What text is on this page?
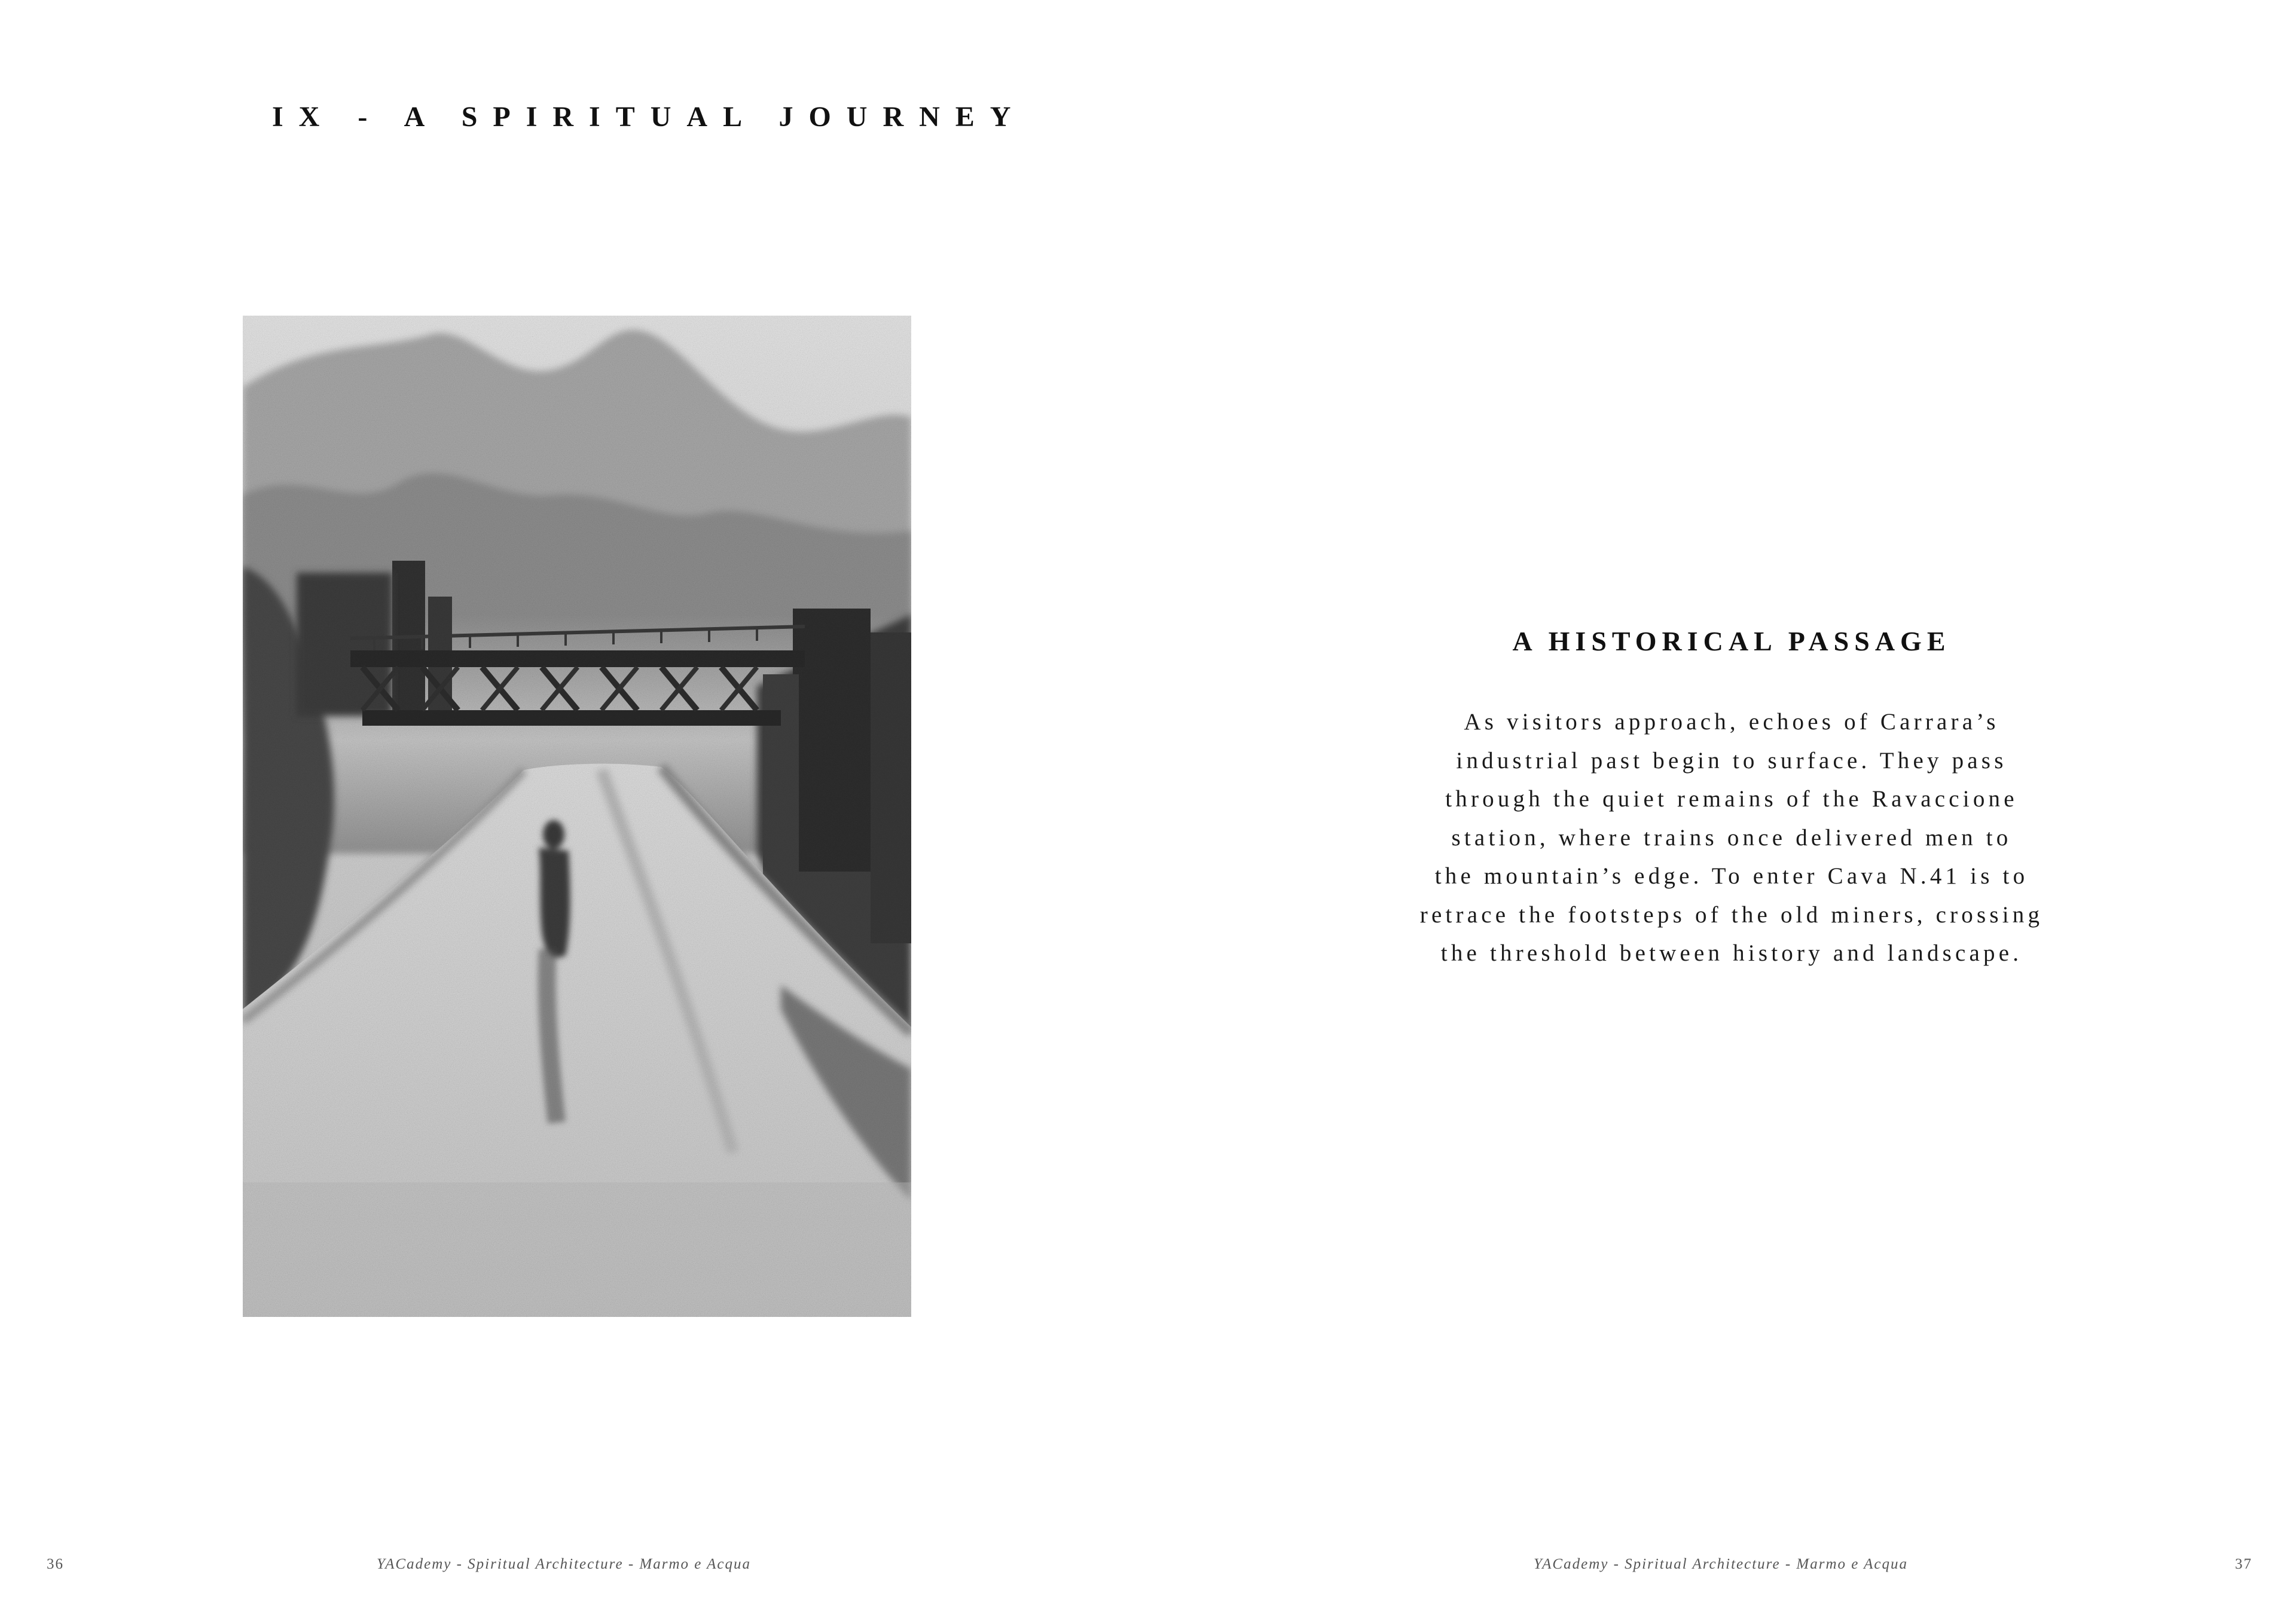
IX - A SPIRITUAL JOURNEY
A HISTORICAL PASSAGE

As visitors approach, echoes of Carrara’s
industrial past begin to surface. They pass
through the quiet remains of the Ravaccione
station, where trains once delivered men to
the mountain’s edge. To enter Cava N.41 is to
retrace the footsteps of the old miners, crossing
the threshold between history and landscape.

36	YACademy - Spiritual Architecture - Marmo e Acqua	YACademy - Spiritual Architecture - Marmo e Acqua	37
